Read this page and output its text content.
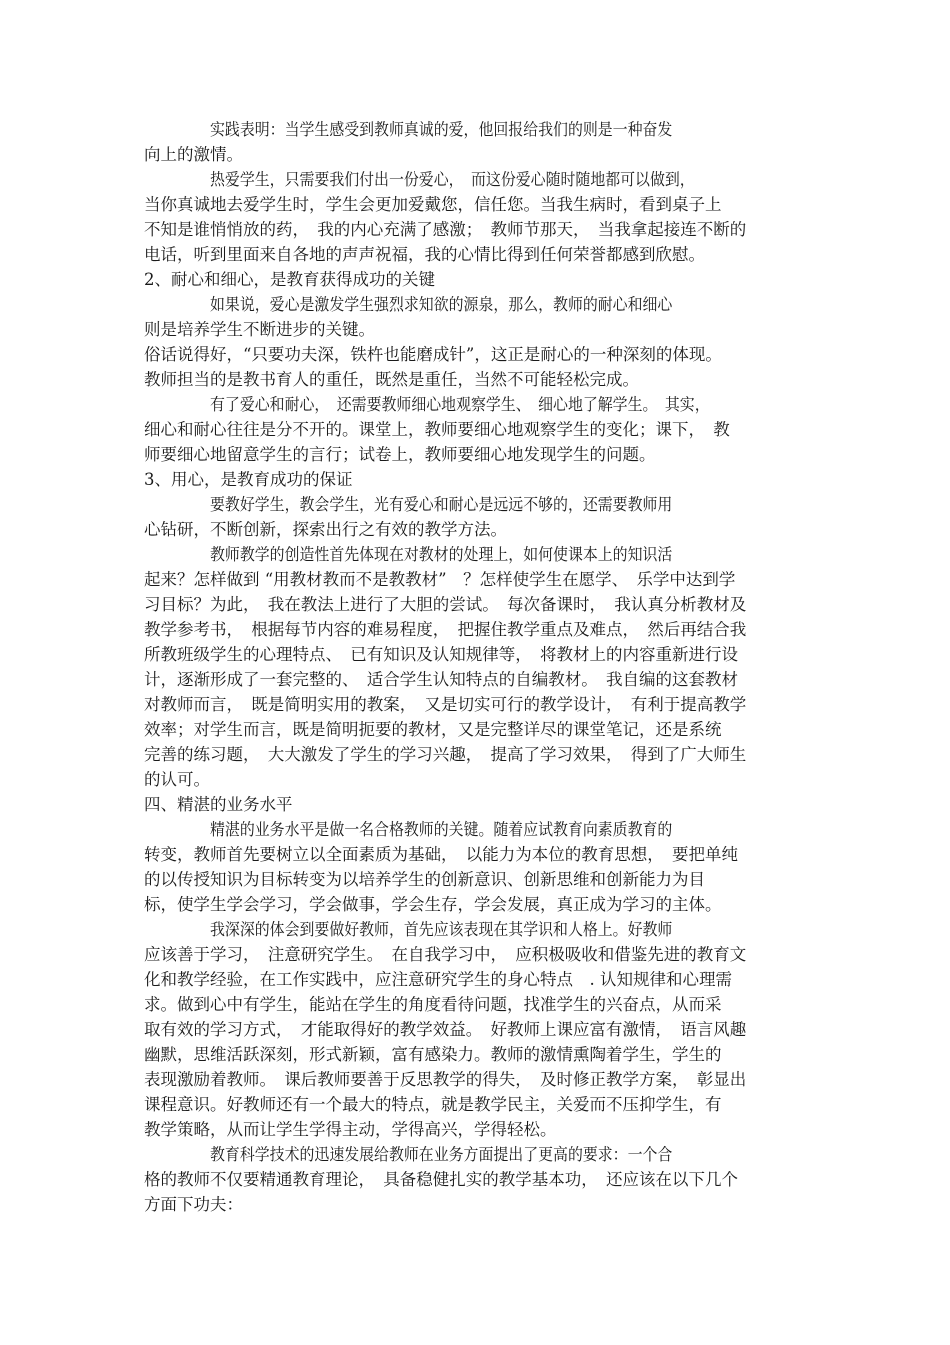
实践表明：当学生感受到教师真诚的爱，他回报给我们的则是一种奋发
向上的激情。
热爱学生，只需要我们付出一份爱心，　而这份爱心随时随地都可以做到，
当你真诚地去爱学生时，学生会更加爱戴您，信任您。当我生病时，看到桌子上
不知是谁悄悄放的药，　我的内心充满了感激；　教师节那天，　当我拿起接连不断的
电话，听到里面来自各地的声声祝福，我的心情比得到任何荣誉都感到欣慰。
2、耐心和细心，是教育获得成功的关键
如果说，爱心是激发学生强烈求知欲的源泉，那么，教师的耐心和细心
则是培养学生不断进步的关键。
俗话说得好，“只要功夫深，铁杵也能磨成针”，这正是耐心的一种深刻的体现。
教师担当的是教书育人的重任，既然是重任，当然不可能轻松完成。
有了爱心和耐心，　还需要教师细心地观察学生、　细心地了解学生。　其实，
细心和耐心往往是分不开的。课堂上，教师要细心地观察学生的变化；课下，　教
师要细心地留意学生的言行；试卷上，教师要细心地发现学生的问题。
3、用心，是教育成功的保证
要教好学生，教会学生，光有爱心和耐心是远远不够的，还需要教师用
心钻研，不断创新，探索出行之有效的教学方法。
教师教学的创造性首先体现在对教材的处理上，如何使课本上的知识活
起来？怎样做到 “用教材教而不是教教材”　？怎样使学生在愿学、　乐学中达到学
习目标？为此，　我在教法上进行了大胆的尝试。　每次备课时，　我认真分析教材及
教学参考书，　根据每节内容的难易程度，　把握住教学重点及难点，　然后再结合我
所教班级学生的心理特点、　已有知识及认知规律等，　将教材上的内容重新进行设
计，逐渐形成了一套完整的、　适合学生认知特点的自编教材。　我自编的这套教材
对教师而言，　既是简明实用的教案，　又是切实可行的教学设计，　有利于提高教学
效率；对学生而言，既是简明扼要的教材，又是完整详尽的课堂笔记，还是系统
完善的练习题，　大大激发了学生的学习兴趣，　提高了学习效果，　得到了广大师生
的认可。
四、精湛的业务水平
精湛的业务水平是做一名合格教师的关键。随着应试教育向素质教育的
转变，教师首先要树立以全面素质为基础，　以能力为本位的教育思想，　要把单纯
的以传授知识为目标转变为以培养学生的创新意识、创新思维和创新能力为目
标，使学生学会学习，学会做事，学会生存，学会发展，真正成为学习的主体。
我深深的体会到要做好教师，首先应该表现在其学识和人格上。好教师
应该善于学习，　注意研究学生。　在自我学习中，　应积极吸收和借鉴先进的教育文
化和教学经验，在工作实践中，应注意研究学生的身心特点　. 认知规律和心理需
求。做到心中有学生，能站在学生的角度看待问题，找准学生的兴奋点，从而采
取有效的学习方式，　才能取得好的教学效益。　好教师上课应富有激情，　语言风趣
幽默，思维活跃深刻，形式新颖，富有感染力。教师的激情熏陶着学生，学生的
表现激励着教师。　课后教师要善于反思教学的得失，　及时修正教学方案，　彰显出
课程意识。好教师还有一个最大的特点，就是教学民主，关爱而不压抑学生，有
教学策略，从而让学生学得主动，学得高兴，学得轻松。
教育科学技术的迅速发展给教师在业务方面提出了更高的要求：一个合
格的教师不仅要精通教育理论，　具备稳健扎实的教学基本功，　还应该在以下几个
方面下功夫：
